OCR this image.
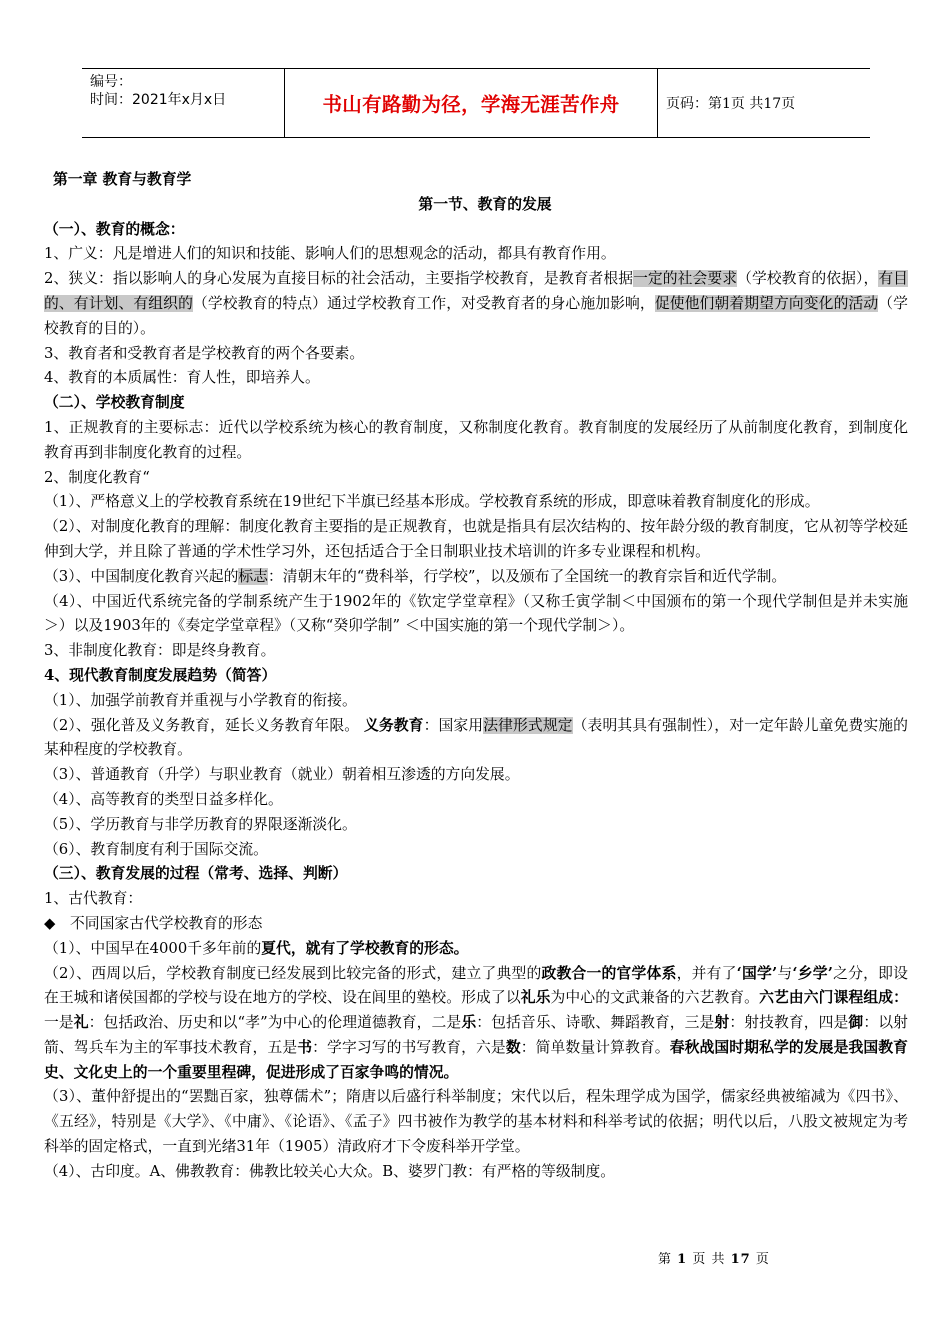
编号：
时间：2021年x月x日	书山有路勤为径，学海无涯苦作舟	页码：第1页 共17页
第一章 教育与教育学
第一节、教育的发展
（一）、教育的概念：
1、广义：凡是增进人们的知识和技能、影响人们的思想观念的活动，都具有教育作用。
2、狭义：指以影响人的身心发展为直接目标的社会活动，主要指学校教育，是教育者根据一定的社会要求（学校教育的依据），有目的、有计划、有组织的（学校教育的特点）通过学校教育工作，对受教育者的身心施加影响，促使他们朝着期望方向变化的活动（学校教育的目的）。
3、教育者和受教育者是学校教育的两个各要素。
4、教育的本质属性：育人性，即培养人。
（二）、学校教育制度
1、正规教育的主要标志：近代以学校系统为核心的教育制度，又称制度化教育。教育制度的发展经历了从前制度化教育，到制度化教育再到非制度化教育的过程。
2、制度化教育“
（1）、严格意义上的学校教育系统在19世纪下半旗已经基本形成。学校教育系统的形成，即意味着教育制度化的形成。
（2）、对制度化教育的理解：制度化教育主要指的是正规教育，也就是指具有层次结构的、按年龄分级的教育制度，它从初等学校延伸到大学，并且除了普通的学术性学习外，还包括适合于全日制职业技术培训的许多专业课程和机构。
（3）、中国制度化教育兴起的标志：清朝末年的“费科举，行学校”，以及颁布了全国统一的教育宗旨和近代学制。
（4）、中国近代系统完备的学制系统产生于1902年的《钦定学堂章程》（又称壬寅学制＜中国颁布的第一个现代学制但是并未实施＞）以及1903年的《奏定学堂章程》（又称“癸卯学制” ＜中国实施的第一个现代学制＞）。
3、非制度化教育：即是终身教育。
4、现代教育制度发展趋势（简答）
（1）、加强学前教育并重视与小学教育的衔接。
（2）、强化普及义务教育，延长义务教育年限。 义务教育：国家用法律形式规定（表明其具有强制性），对一定年龄儿童免费实施的某种程度的学校教育。
（3）、普通教育（升学）与职业教育（就业）朝着相互渗透的方向发展。
（4）、高等教育的类型日益多样化。
（5）、学历教育与非学历教育的界限逐渐淡化。
（6）、教育制度有利于国际交流。
（三）、教育发展的过程（常考、选择、判断）
1、古代教育：
◆ 不同国家古代学校教育的形态
（1）、中国早在4000千多年前的夏代，就有了学校教育的形态。
（2）、西周以后，学校教育制度已经发展到比较完备的形式，建立了典型的政教合一的官学体系，并有了‘国学’与‘乡学’之分，即设在王城和诸侯国都的学校与设在地方的学校、设在闾里的塾校。形成了以礼乐为中心的文武兼备的六艺教育。六艺由六门课程组成：一是礼：包括政治、历史和以“孝”为中心的伦理道德教育，二是乐：包括音乐、诗歌、舞蹈教育，三是射：射技教育，四是御：以射箭、驾兵车为主的军事技术教育，五是书：学字习写的书写教育，六是数：简单数量计算教育。春秋战国时期私学的发展是我国教育史、文化史上的一个重要里程碑，促进形成了百家争鸣的情况。
（3）、董仲舒提出的“罢黜百家，独尊儒术”；隋唐以后盛行科举制度；宋代以后，程朱理学成为国学，儒家经典被缩减为《四书》、《五经》，特别是《大学》、《中庸》、《论语》、《孟子》四书被作为教学的基本材料和科举考试的依据；明代以后，八股文被规定为考科举的固定格式，一直到光绪31年（1905）清政府才下令废科举开学堂。
（4）、古印度。A、佛教教育：佛教比较关心大众。B、婆罗门教：有严格的等级制度。
第 1 页 共 17 页
